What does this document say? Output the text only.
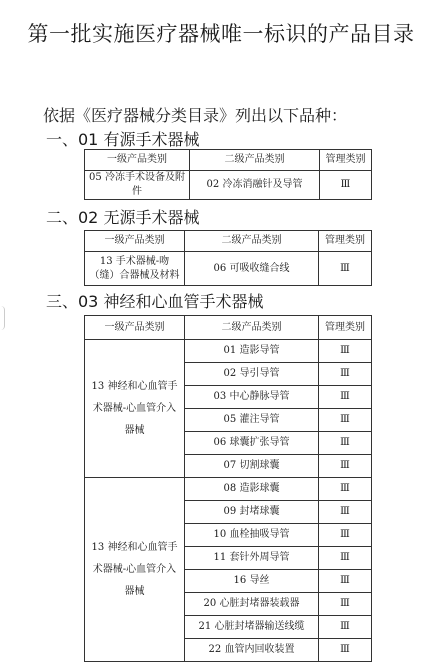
第一批实施医疗器械唯一标识的产品目录
依据《医疗器械分类目录》列出以下品种：
一、01 有源手术器械
一级产品类别	二级产品类别	管理类别
05 冷冻手术设备及附件	02 冷冻消融针及导管	Ⅲ
二、02 无源手术器械
一级产品类别	二级产品类别	管理类别
13 手术器械-吻（缝）合器械及材料	06 可吸收缝合线	Ⅲ
三、03 神经和心血管手术器械
一级产品类别	二级产品类别	管理类别
13 神经和心血管手术器械-心血管介入器械	01 造影导管	Ⅲ
	02 导引导管	Ⅲ
	03 中心静脉导管	Ⅲ
	05 灌注导管	Ⅲ
	06 球囊扩张导管	Ⅲ
	07 切割球囊	Ⅲ
13 神经和心血管手术器械-心血管介入器械	08 造影球囊	Ⅲ
	09 封堵球囊	Ⅲ
	10 血栓抽吸导管	Ⅲ
	11 套针外周导管	Ⅲ
	16 导丝	Ⅲ
	20 心脏封堵器装载器	Ⅲ
	21 心脏封堵器输送线缆	Ⅲ
	22 血管内回收装置	Ⅲ
